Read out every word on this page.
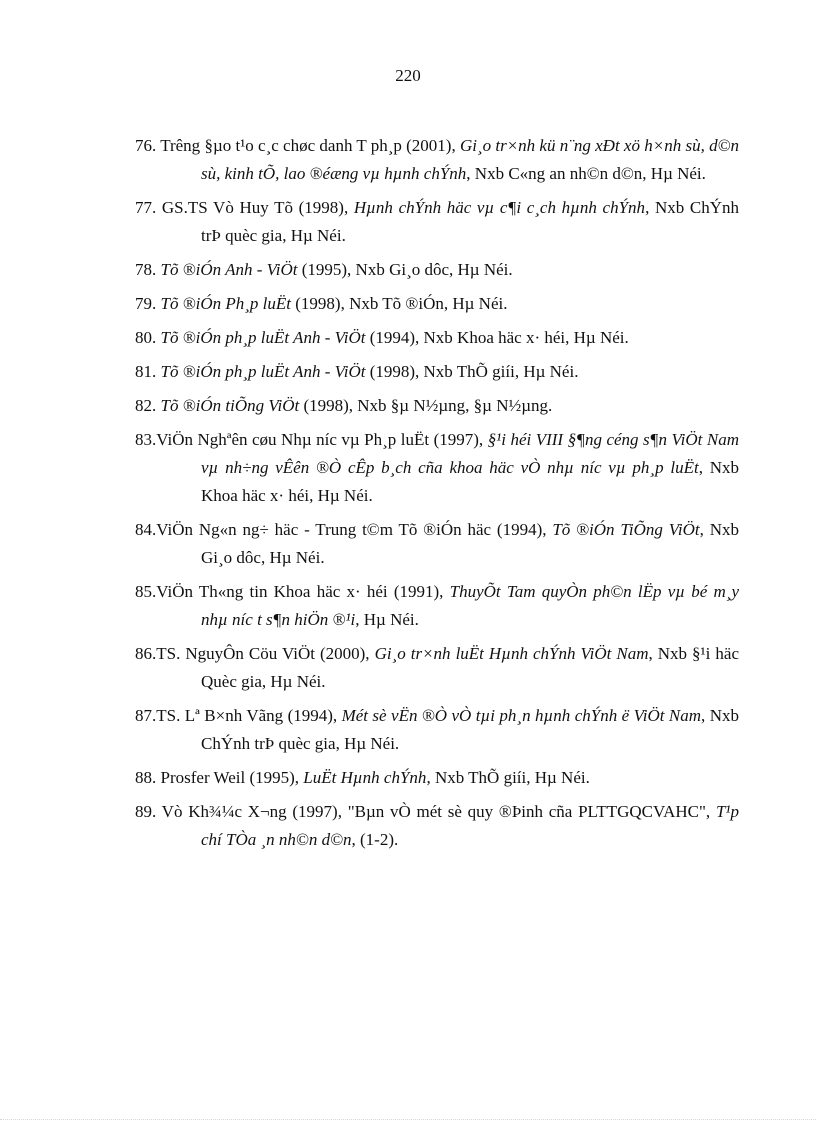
220
76. Trêng §µo t¹o c¸c chøc danh T ph¸p (2001), Gi¸o tr×nh kü n¨ng xÐt xö h×nh sù, d©n sù, kinh tÕ, lao ®éæng vµ hµnh chÝnh, Nxb C«ng an nh©n d©n, Hµ Néi.
77. GS.TS Vò Huy Tõ (1998), Hµnh chÝnh häc vµ c¶i c¸ch hµnh chÝnh, Nxb ChÝnh trÞ quèc gia, Hµ Néi.
78. Tõ ®iÓn Anh - ViÖt (1995), Nxb Gi¸o dôc, Hµ Néi.
79. Tõ ®iÓn Ph¸p luËt (1998), Nxb Tõ ®iÓn, Hµ Néi.
80. Tõ ®iÓn ph¸p luËt Anh - ViÖt (1994), Nxb Khoa häc x· héi, Hµ Néi.
81. Tõ ®iÓn ph¸p luËt Anh - ViÖt (1998), Nxb ThÕ giíi, Hµ Néi.
82. Tõ ®iÓn tiÕng ViÖt (1998), Nxb §µ N½µng, §µ N½µng.
83.ViÖn Nghªên cøu Nhµ níc vµ Ph¸p luËt (1997), §¹i héi VIII §¶ng céng s¶n ViÖt Nam vµ nh÷ng vÊên ®Ò cÊp b¸ch cña khoa häc vÒ nhµ níc vµ ph¸p luËt, Nxb Khoa häc x· héi, Hµ Néi.
84.ViÖn Ng«n ng÷ häc - Trung t©m Tõ ®iÓn häc (1994), Tõ ®iÓn TiÕng ViÖt, Nxb Gi¸o dôc, Hµ Néi.
85.ViÖn Th«ng tin Khoa häc x· héi (1991), ThuyÕt Tam quyÒn ph©n lËp vµ bé m¸y nhµ níc t s¶n hiÖn ®¹i, Hµ Néi.
86.TS. NguyÔn Cöu ViÖt (2000), Gi¸o tr×nh luËt Hµnh chÝnh ViÖt Nam, Nxb §¹i häc Quèc gia, Hµ Néi.
87.TS. Lª B×nh Vãng (1994), Mét sè vËn ®Ò vÒ tµi ph¸n hµnh chÝnh ë ViÖt Nam, Nxb ChÝnh trÞ quèc gia, Hµ Néi.
88. Prosfer Weil (1995), LuËt Hµnh chÝnh, Nxb ThÕ giíi, Hµ Néi.
89. Vò Kh¾¼c X¬ng (1997), "Bµn vÒ mét sè quy ®Þinh cña PLTTGQCVAHC", T¹p chí TÒa ¸n nh©n d©n, (1-2).
